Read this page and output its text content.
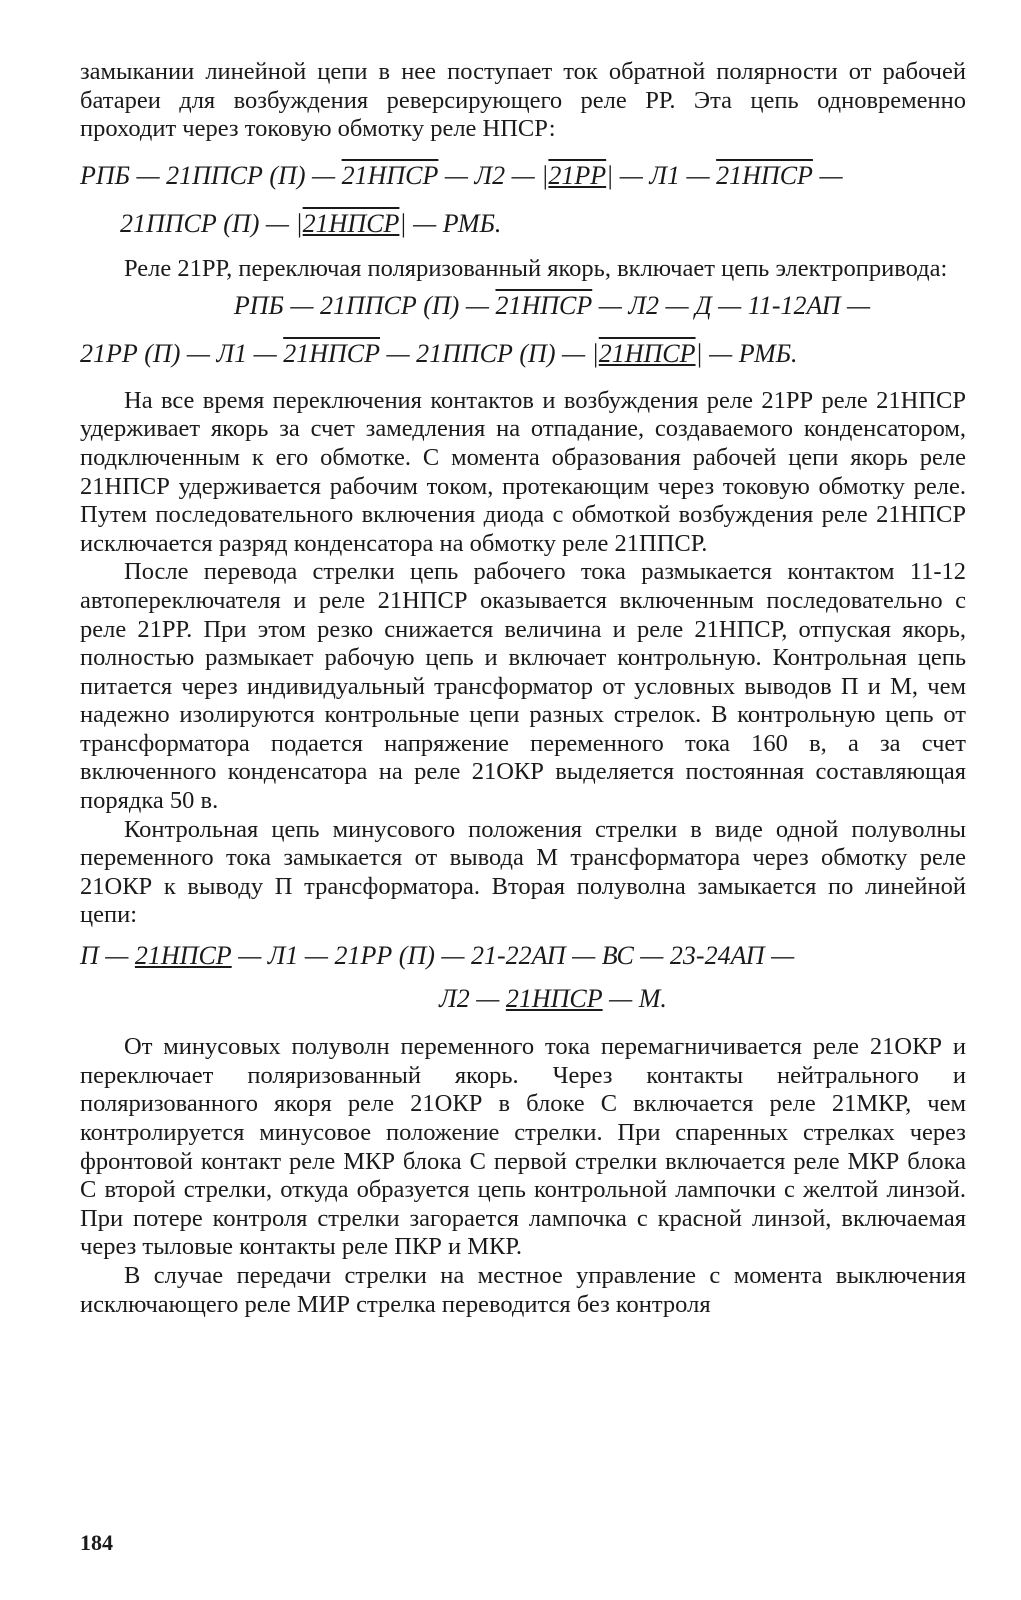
замыкании линейной цепи в нее поступает ток обратной полярности от рабочей батареи для возбуждения реверсирующего реле РР. Эта цепь одновременно проходит через токовую обмотку реле НПСР:

РПБ — 21ППСР (П) — 21НПСР — Л2 — |21РР| — Л1 — 21НПСР —

21ППСР (П) — |21НПСР| — РМБ.

Реле 21РР, переключая поляризованный якорь, включает цепь электропривода:

РПБ — 21ППСР (П) — 21НПСР — Л2 — Д — 11-12АП —

21РР (П) — Л1 — 21НПСР — 21ППСР (П) — |21НПСР| — РМБ.

На все время переключения контактов и возбуждения реле 21РР реле 21НПСР удерживает якорь за счет замедления на отпадание, создаваемого конденсатором, подключенным к его обмотке. С момента образования рабочей цепи якорь реле 21НПСР удерживается рабочим током, протекающим через токовую обмотку реле. Путем последовательного включения диода с обмоткой возбуждения реле 21НПСР исключается разряд конденсатора на обмотку реле 21ППСР.

После перевода стрелки цепь рабочего тока размыкается контактом 11-12 автопереключателя и реле 21НПСР оказывается включенным последовательно с реле 21РР. При этом резко снижается величина и реле 21НПСР, отпуская якорь, полностью размыкает рабочую цепь и включает контрольную. Контрольная цепь питается через индивидуальный трансформатор от условных выводов П и М, чем надежно изолируются контрольные цепи разных стрелок. В контрольную цепь от трансформатора подается напряжение переменного тока 160 в, а за счет включенного конденсатора на реле 21ОКР выделяется постоянная составляющая порядка 50 в.

Контрольная цепь минусового положения стрелки в виде одной полуволны переменного тока замыкается от вывода М трансформатора через обмотку реле 21ОКР к выводу П трансформатора. Вторая полуволна замыкается по линейной цепи:

П — 21НПСР — Л1 — 21РР (П) — 21-22АП — ВС — 23-24АП —

Л2 — 21НПСР — М.

От минусовых полуволн переменного тока перемагничивается реле 21ОКР и переключает поляризованный якорь. Через контакты нейтрального и поляризованного якоря реле 21ОКР в блоке С включается реле 21МКР, чем контролируется минусовое положение стрелки. При спаренных стрелках через фронтовой контакт реле МКР блока С первой стрелки включается реле МКР блока С второй стрелки, откуда образуется цепь контрольной лампочки с желтой линзой. При потере контроля стрелки загорается лампочка с красной линзой, включаемая через тыловые контакты реле ПКР и МКР.

В случае передачи стрелки на местное управление с момента выключения исключающего реле МИР стрелка переводится без контроля

184
